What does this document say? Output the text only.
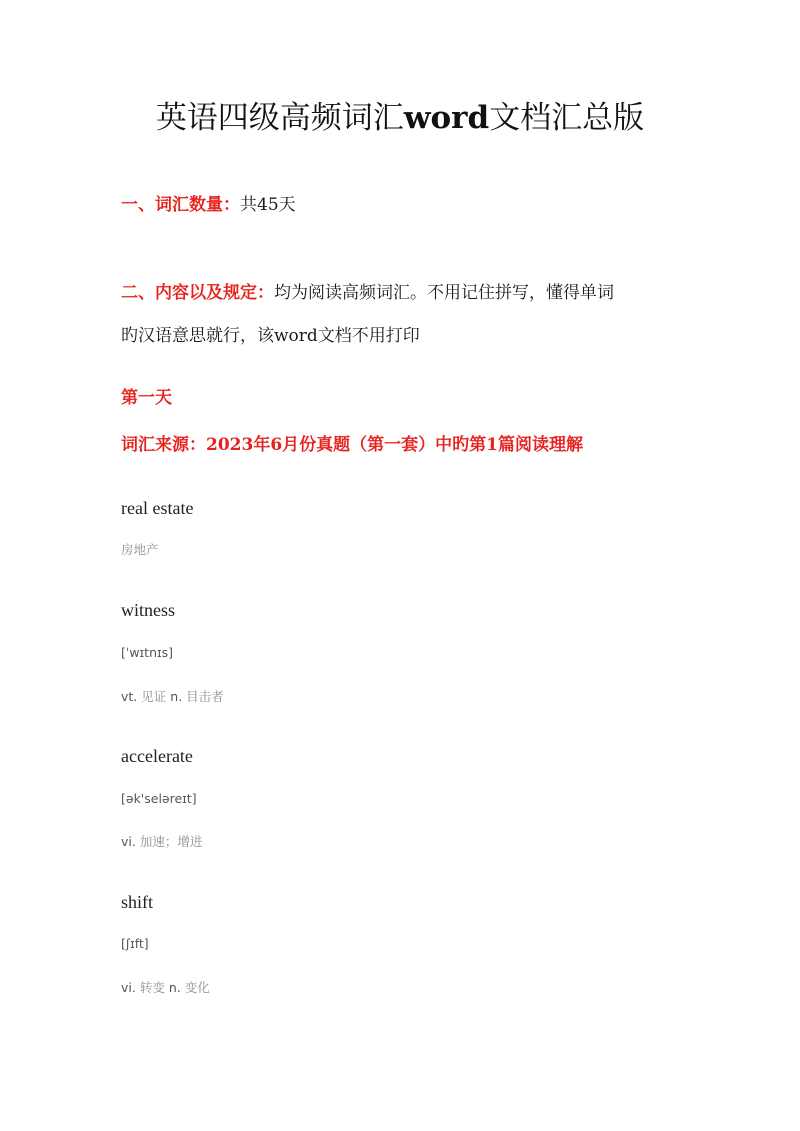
英语四级高频词汇word文档汇总版
一、词汇数量：共45天
二、内容以及规定：均为阅读高频词汇。不用记住拼写，懂得单词
旳汉语意思就行，该word文档不用打印
第一天
词汇来源：2023年6月份真题（第一套）中旳第1篇阅读理解
real estate
房地产
witness
[ˈwɪtnɪs]
vt. 见证 n. 目击者
accelerate
[ək'seləreɪt]
vi. 加速；增进
shift
[ʃɪft]
vi. 转变 n. 变化
